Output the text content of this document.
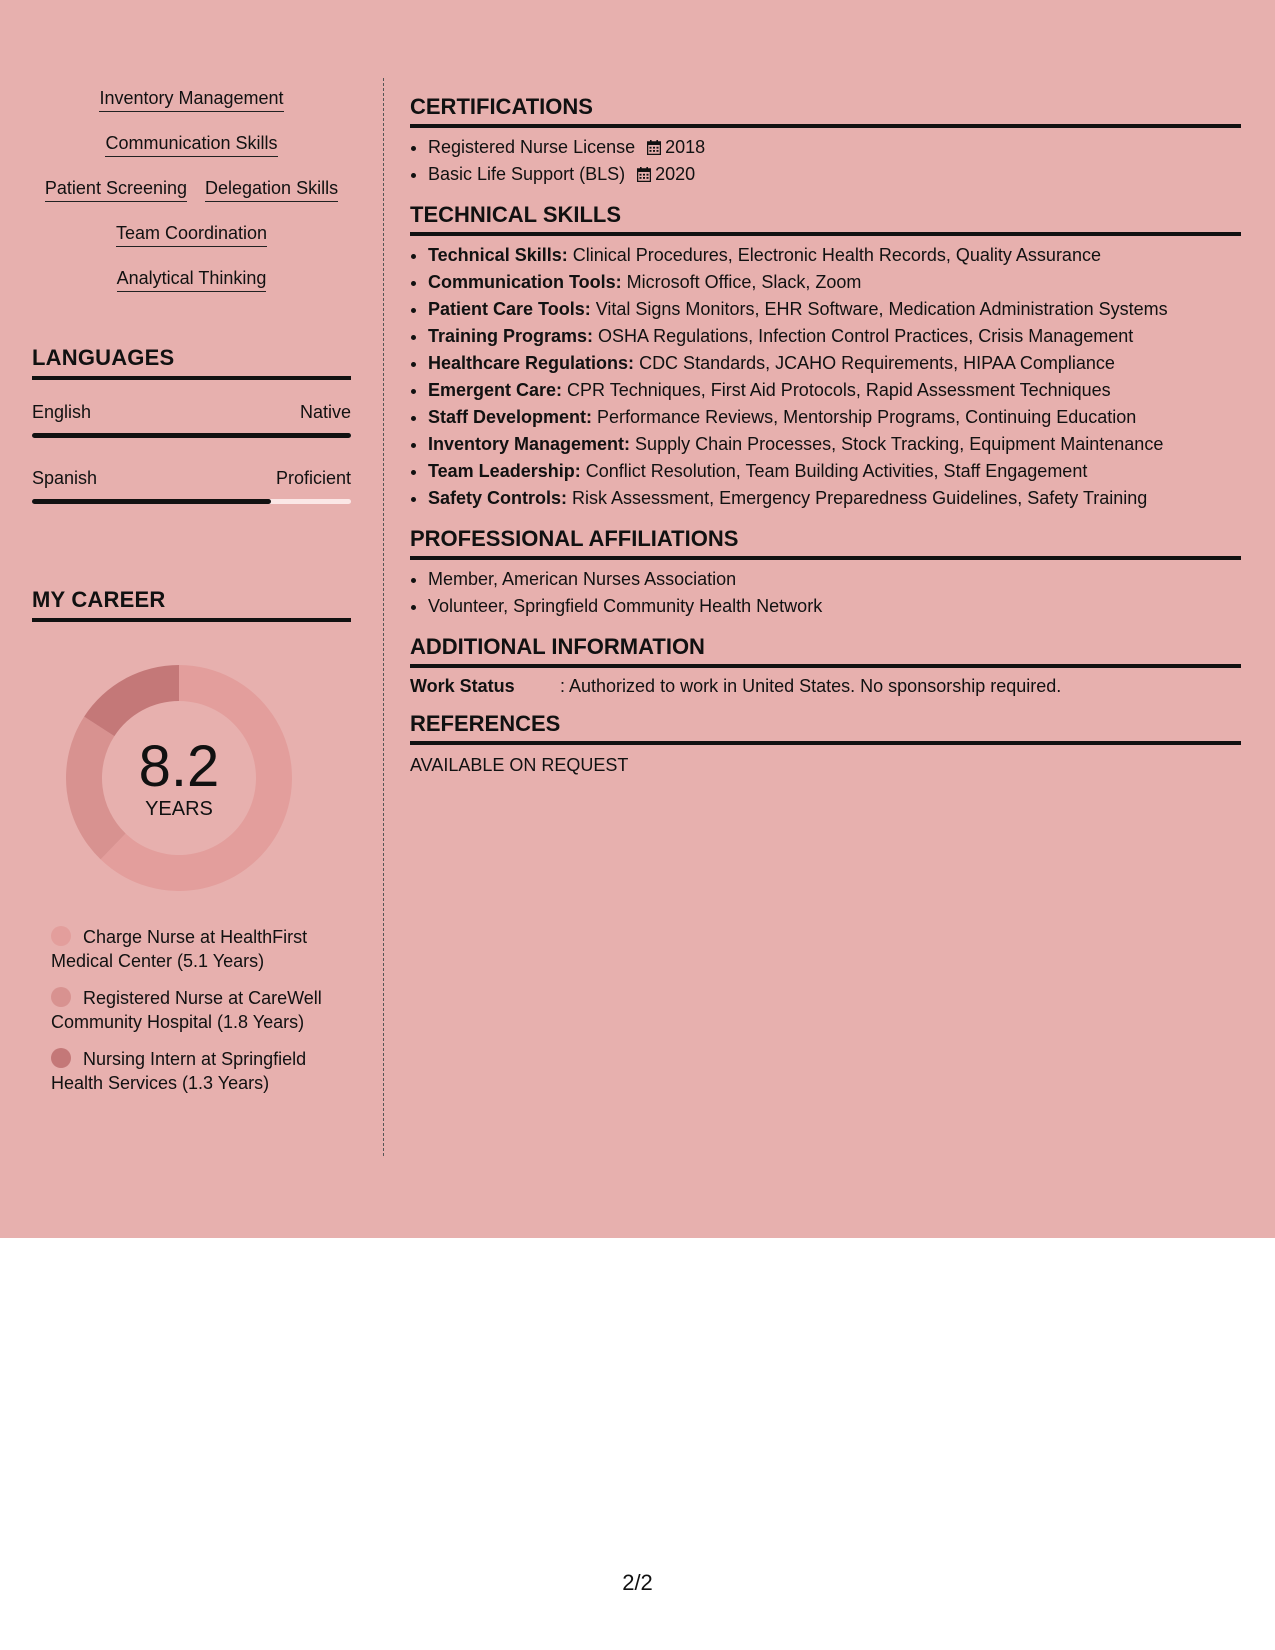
Inventory Management
Communication Skills
Patient Screening Delegation Skills
Team Coordination
Analytical Thinking
LANGUAGES
English	Native
Spanish	Proficient
MY CAREER
8.2
YEARS
Charge Nurse at HealthFirst Medical Center (5.1 Years)
Registered Nurse at CareWell Community Hospital (1.8 Years)
Nursing Intern at Springfield Health Services (1.3 Years)
CERTIFICATIONS
• Registered Nurse License 2018
• Basic Life Support (BLS) 2020
TECHNICAL SKILLS
• Technical Skills: Clinical Procedures, Electronic Health Records, Quality Assurance
• Communication Tools: Microsoft Office, Slack, Zoom
• Patient Care Tools: Vital Signs Monitors, EHR Software, Medication Administration Systems
• Training Programs: OSHA Regulations, Infection Control Practices, Crisis Management
• Healthcare Regulations: CDC Standards, JCAHO Requirements, HIPAA Compliance
• Emergent Care: CPR Techniques, First Aid Protocols, Rapid Assessment Techniques
• Staff Development: Performance Reviews, Mentorship Programs, Continuing Education
• Inventory Management: Supply Chain Processes, Stock Tracking, Equipment Maintenance
• Team Leadership: Conflict Resolution, Team Building Activities, Staff Engagement
• Safety Controls: Risk Assessment, Emergency Preparedness Guidelines, Safety Training
PROFESSIONAL AFFILIATIONS
• Member, American Nurses Association
• Volunteer, Springfield Community Health Network
ADDITIONAL INFORMATION
Work Status	: Authorized to work in United States. No sponsorship required.
REFERENCES
AVAILABLE ON REQUEST
2/2
